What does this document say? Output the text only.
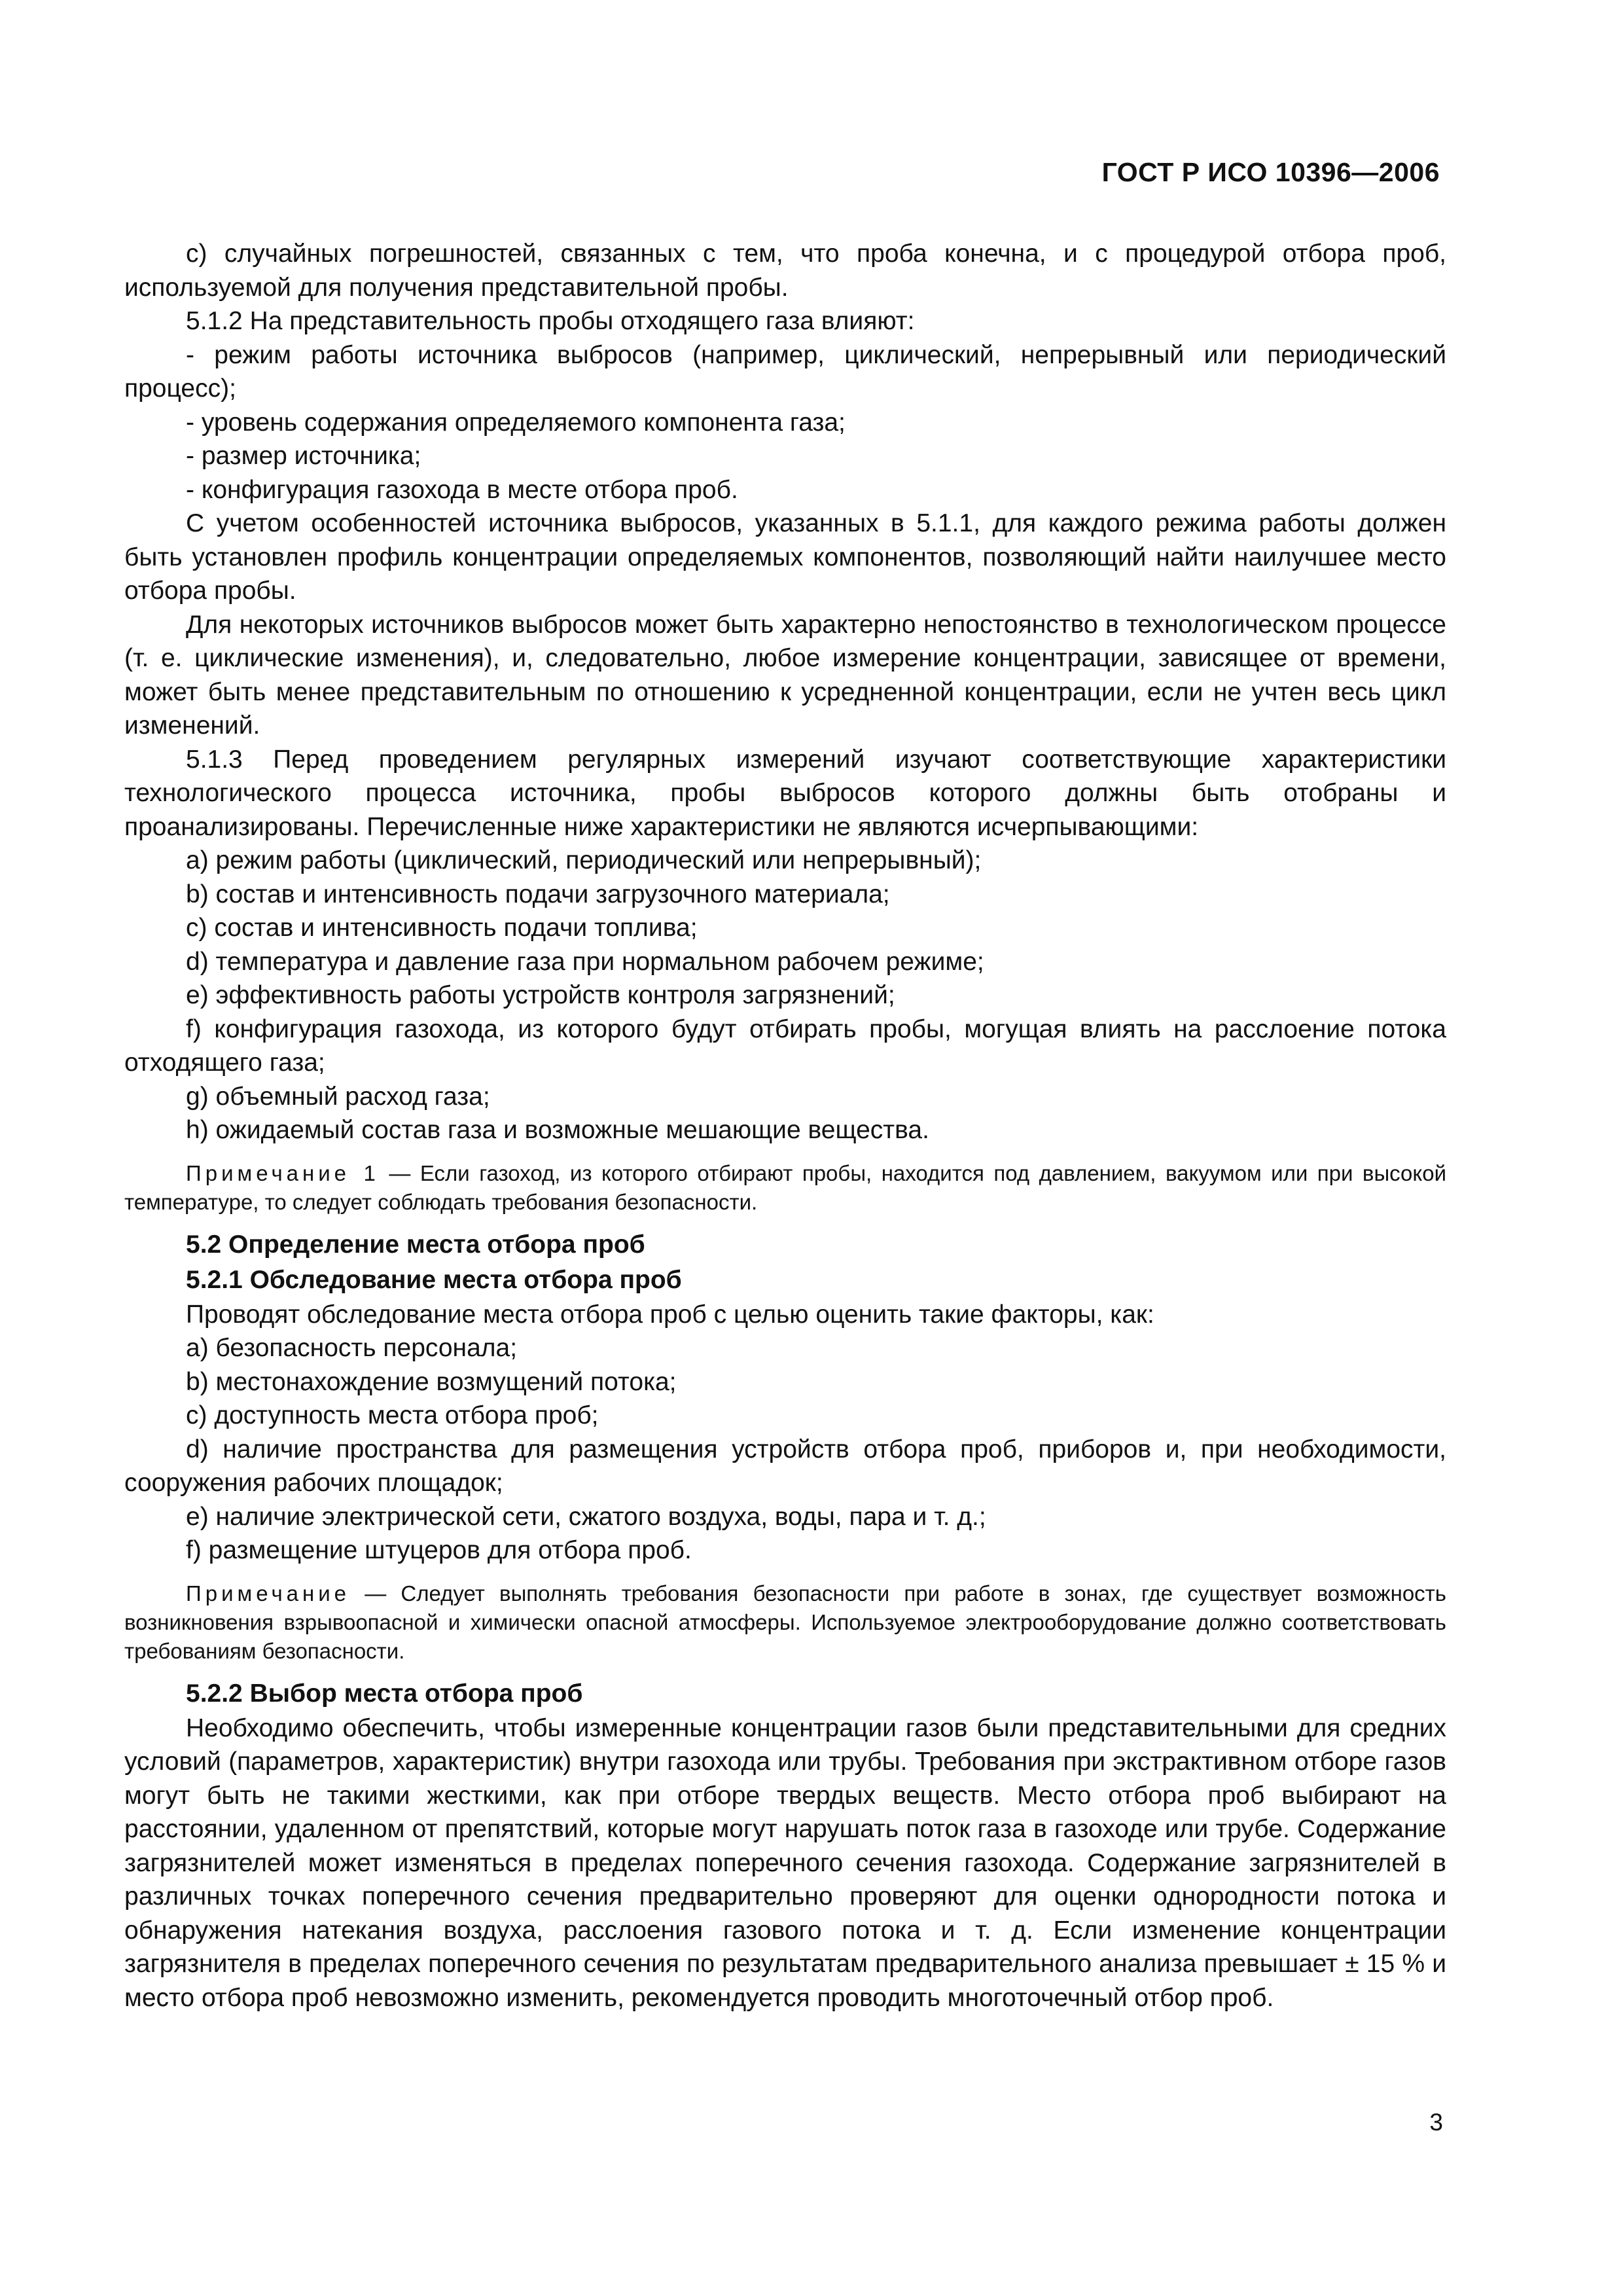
ГОСТ Р ИСО 10396—2006

c) случайных погрешностей, связанных с тем, что проба конечна, и с процедурой отбора проб, используемой для получения представительной пробы.

5.1.2 На представительность пробы отходящего газа влияют:

- режим работы источника выбросов (например, циклический, непрерывный или периодический процесс);

- уровень содержания определяемого компонента газа;

- размер источника;

- конфигурация газохода в месте отбора проб.

С учетом особенностей источника выбросов, указанных в 5.1.1, для каждого режима работы должен быть установлен профиль концентрации определяемых компонентов, позволяющий найти наилучшее место отбора пробы.

Для некоторых источников выбросов может быть характерно непостоянство в технологическом процессе (т. е. циклические изменения), и, следовательно, любое измерение концентрации, зависящее от времени, может быть менее представительным по отношению к усредненной концентрации, если не учтен весь цикл изменений.

5.1.3 Перед проведением регулярных измерений изучают соответствующие характеристики технологического процесса источника, пробы выбросов которого должны быть отобраны и проанализированы. Перечисленные ниже характеристики не являются исчерпывающими:

a) режим работы (циклический, периодический или непрерывный);

b) состав и интенсивность подачи загрузочного материала;

c) состав и интенсивность подачи топлива;

d) температура и давление газа при нормальном рабочем режиме;

e) эффективность работы устройств контроля загрязнений;

f) конфигурация газохода, из которого будут отбирать пробы, могущая влиять на расслоение потока отходящего газа;

g) объемный расход газа;

h) ожидаемый состав газа и возможные мешающие вещества.

Примечание 1 — Если газоход, из которого отбирают пробы, находится под давлением, вакуумом или при высокой температуре, то следует соблюдать требования безопасности.

5.2 Определение места отбора проб
5.2.1 Обследование места отбора проб

Проводят обследование места отбора проб с целью оценить такие факторы, как:

a) безопасность персонала;

b) местонахождение возмущений потока;

c) доступность места отбора проб;

d) наличие пространства для размещения устройств отбора проб, приборов и, при необходимости, сооружения рабочих площадок;

e) наличие электрической сети, сжатого воздуха, воды, пара и т. д.;

f) размещение штуцеров для отбора проб.

Примечание — Следует выполнять требования безопасности при работе в зонах, где существует возможность возникновения взрывоопасной и химически опасной атмосферы. Используемое электрооборудование должно соответствовать требованиям безопасности.

5.2.2 Выбор места отбора проб

Необходимо обеспечить, чтобы измеренные концентрации газов были представительными для средних условий (параметров, характеристик) внутри газохода или трубы. Требования при экстрактивном отборе газов могут быть не такими жесткими, как при отборе твердых веществ. Место отбора проб выбирают на расстоянии, удаленном от препятствий, которые могут нарушать поток газа в газоходе или трубе. Содержание загрязнителей может изменяться в пределах поперечного сечения газохода. Содержание загрязнителей в различных точках поперечного сечения предварительно проверяют для оценки однородности потока и обнаружения натекания воздуха, расслоения газового потока и т. д. Если изменение концентрации загрязнителя в пределах поперечного сечения по результатам предварительного анализа превышает ± 15 % и место отбора проб невозможно изменить, рекомендуется проводить многоточечный отбор проб.

3
